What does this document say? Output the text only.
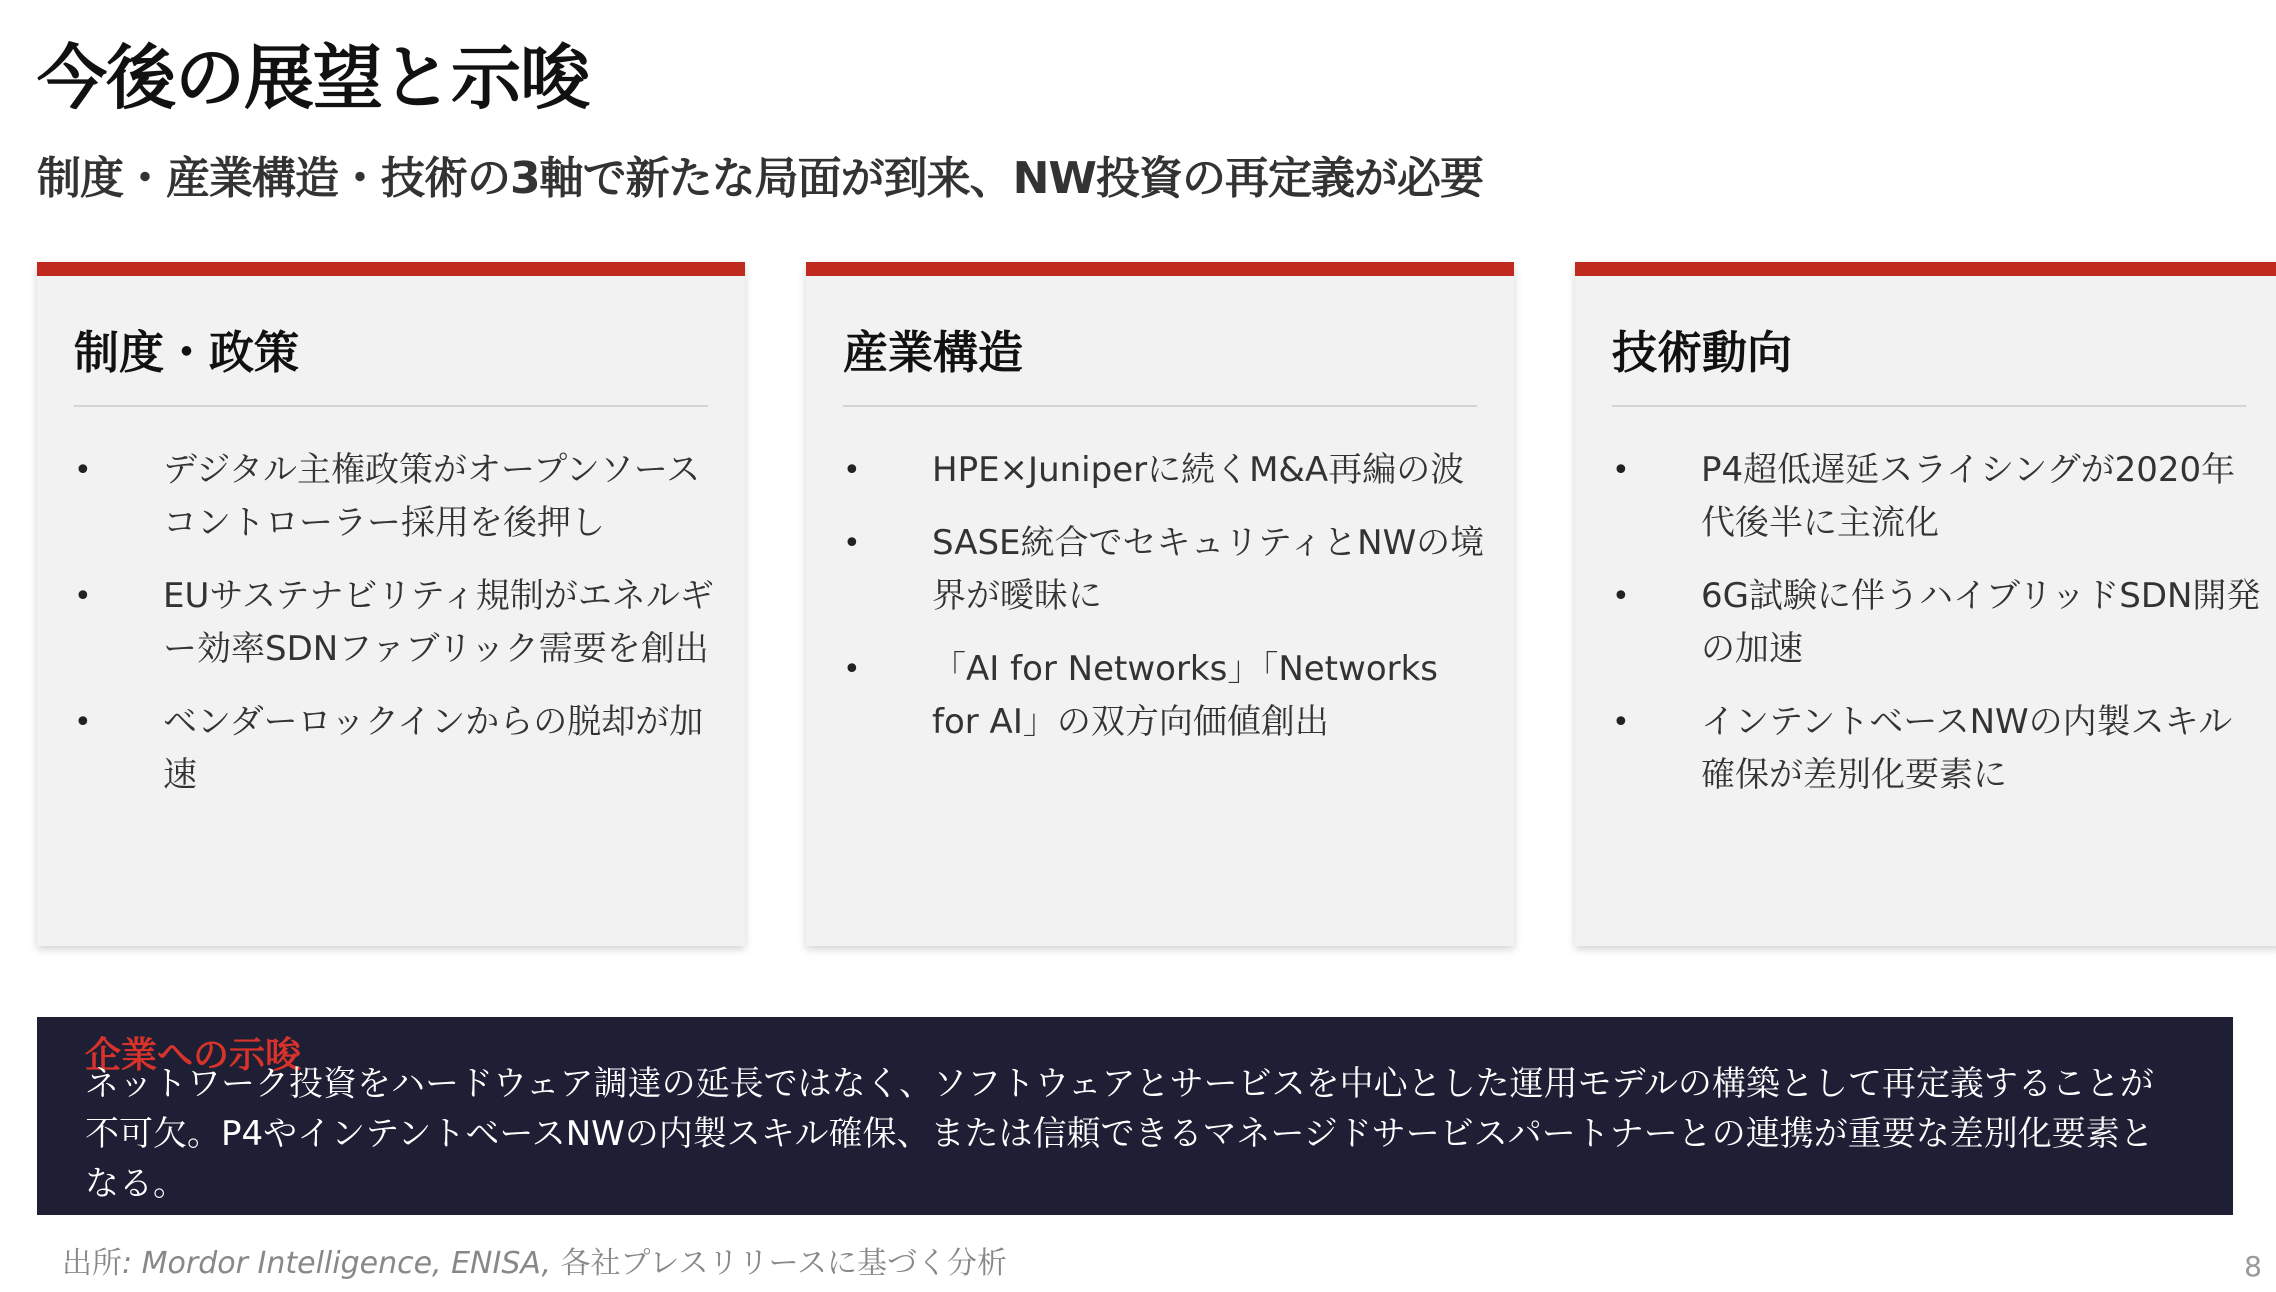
今後の展望と示唆
制度・産業構造・技術の3軸で新たな局面が到来、NW投資の再定義が必要
制度・政策
• デジタル主権政策がオープンソースコントローラー採用を後押し
• EUサステナビリティ規制がエネルギー効率SDNファブリック需要を創出
• ベンダーロックインからの脱却が加速
産業構造
• HPE×Juniperに続くM&A再編の波
• SASE統合でセキュリティとNWの境界が曖昧に
• 「AI for Networks」「Networks for AI」の双方向価値創出
技術動向
• P4超低遅延スライシングが2020年代後半に主流化
• 6G試験に伴うハイブリッドSDN開発の加速
• インテントベースNWの内製スキル確保が差別化要素に
企業への示唆
ネットワーク投資をハードウェア調達の延長ではなく、ソフトウェアとサービスを中心とした運用モデルの構築として再定義することが不可欠。P4やインテントベースNWの内製スキル確保、または信頼できるマネージドサービスパートナーとの連携が重要な差別化要素となる。
出所: Mordor Intelligence, ENISA, 各社プレスリリースに基づく分析	8
